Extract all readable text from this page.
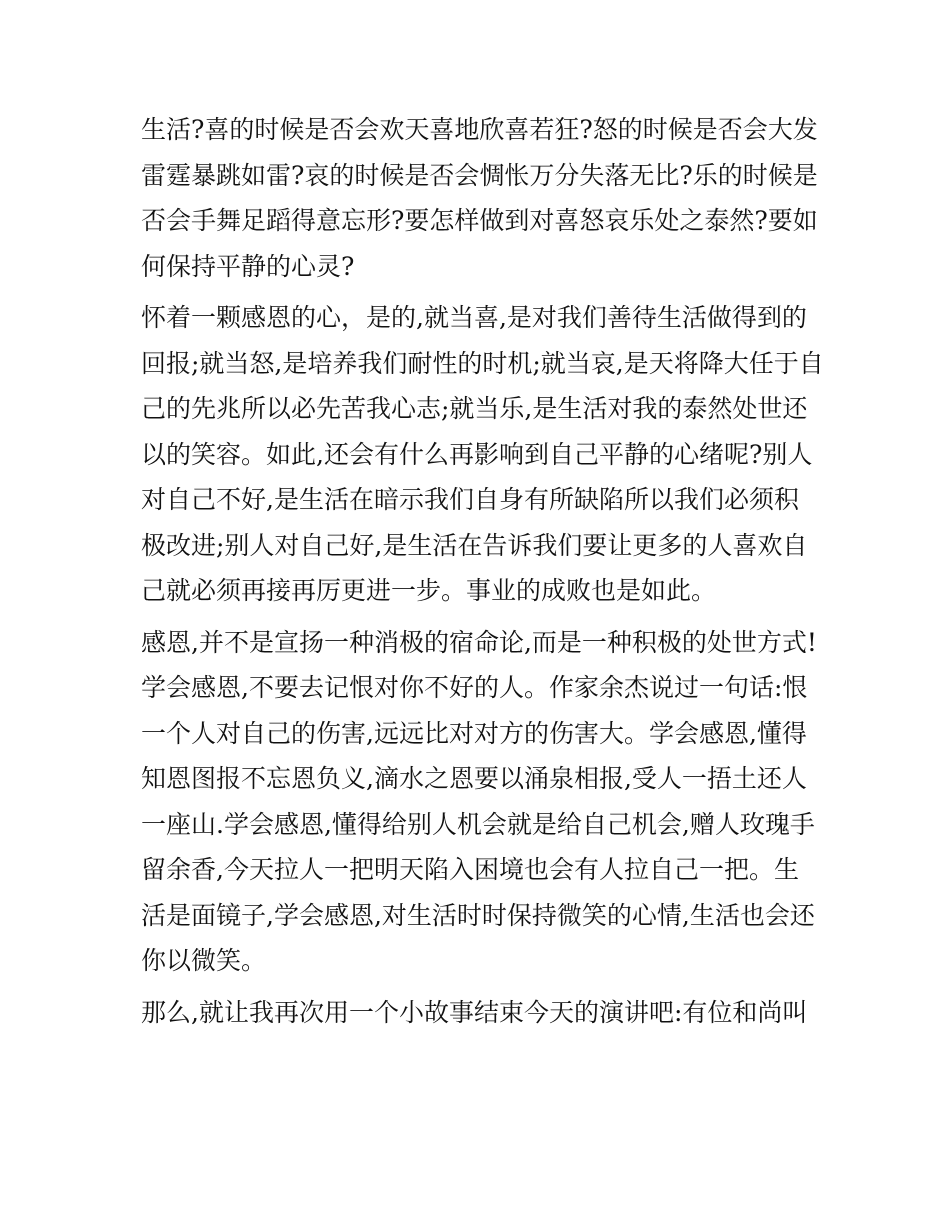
生活?喜的时候是否会欢天喜地欣喜若狂?怒的时候是否会大发
雷霆暴跳如雷?哀的时候是否会惆怅万分失落无比?乐的时候是
否会手舞足蹈得意忘形?要怎样做到对喜怒哀乐处之泰然?要如
何保持平静的心灵?
怀着一颗感恩的心，是的,就当喜,是对我们善待生活做得到的
回报;就当怒,是培养我们耐性的时机;就当哀,是天将降大任于自
己的先兆所以必先苦我心志;就当乐,是生活对我的泰然处世还
以的笑容。如此,还会有什么再影响到自己平静的心绪呢?别人
对自己不好,是生活在暗示我们自身有所缺陷所以我们必须积
极改进;别人对自己好,是生活在告诉我们要让更多的人喜欢自
己就必须再接再厉更进一步。事业的成败也是如此。
感恩,并不是宣扬一种消极的宿命论,而是一种积极的处世方式!
学会感恩,不要去记恨对你不好的人。作家余杰说过一句话:恨
一个人对自己的伤害,远远比对对方的伤害大。学会感恩,懂得
知恩图报不忘恩负义,滴水之恩要以涌泉相报,受人一捂土还人
一座山.学会感恩,懂得给别人机会就是给自己机会,赠人玫瑰手
留余香,今天拉人一把明天陷入困境也会有人拉自己一把。生
活是面镜子,学会感恩,对生活时时保持微笑的心情,生活也会还
你以微笑。
那么,就让我再次用一个小故事结束今天的演讲吧:有位和尚叫
